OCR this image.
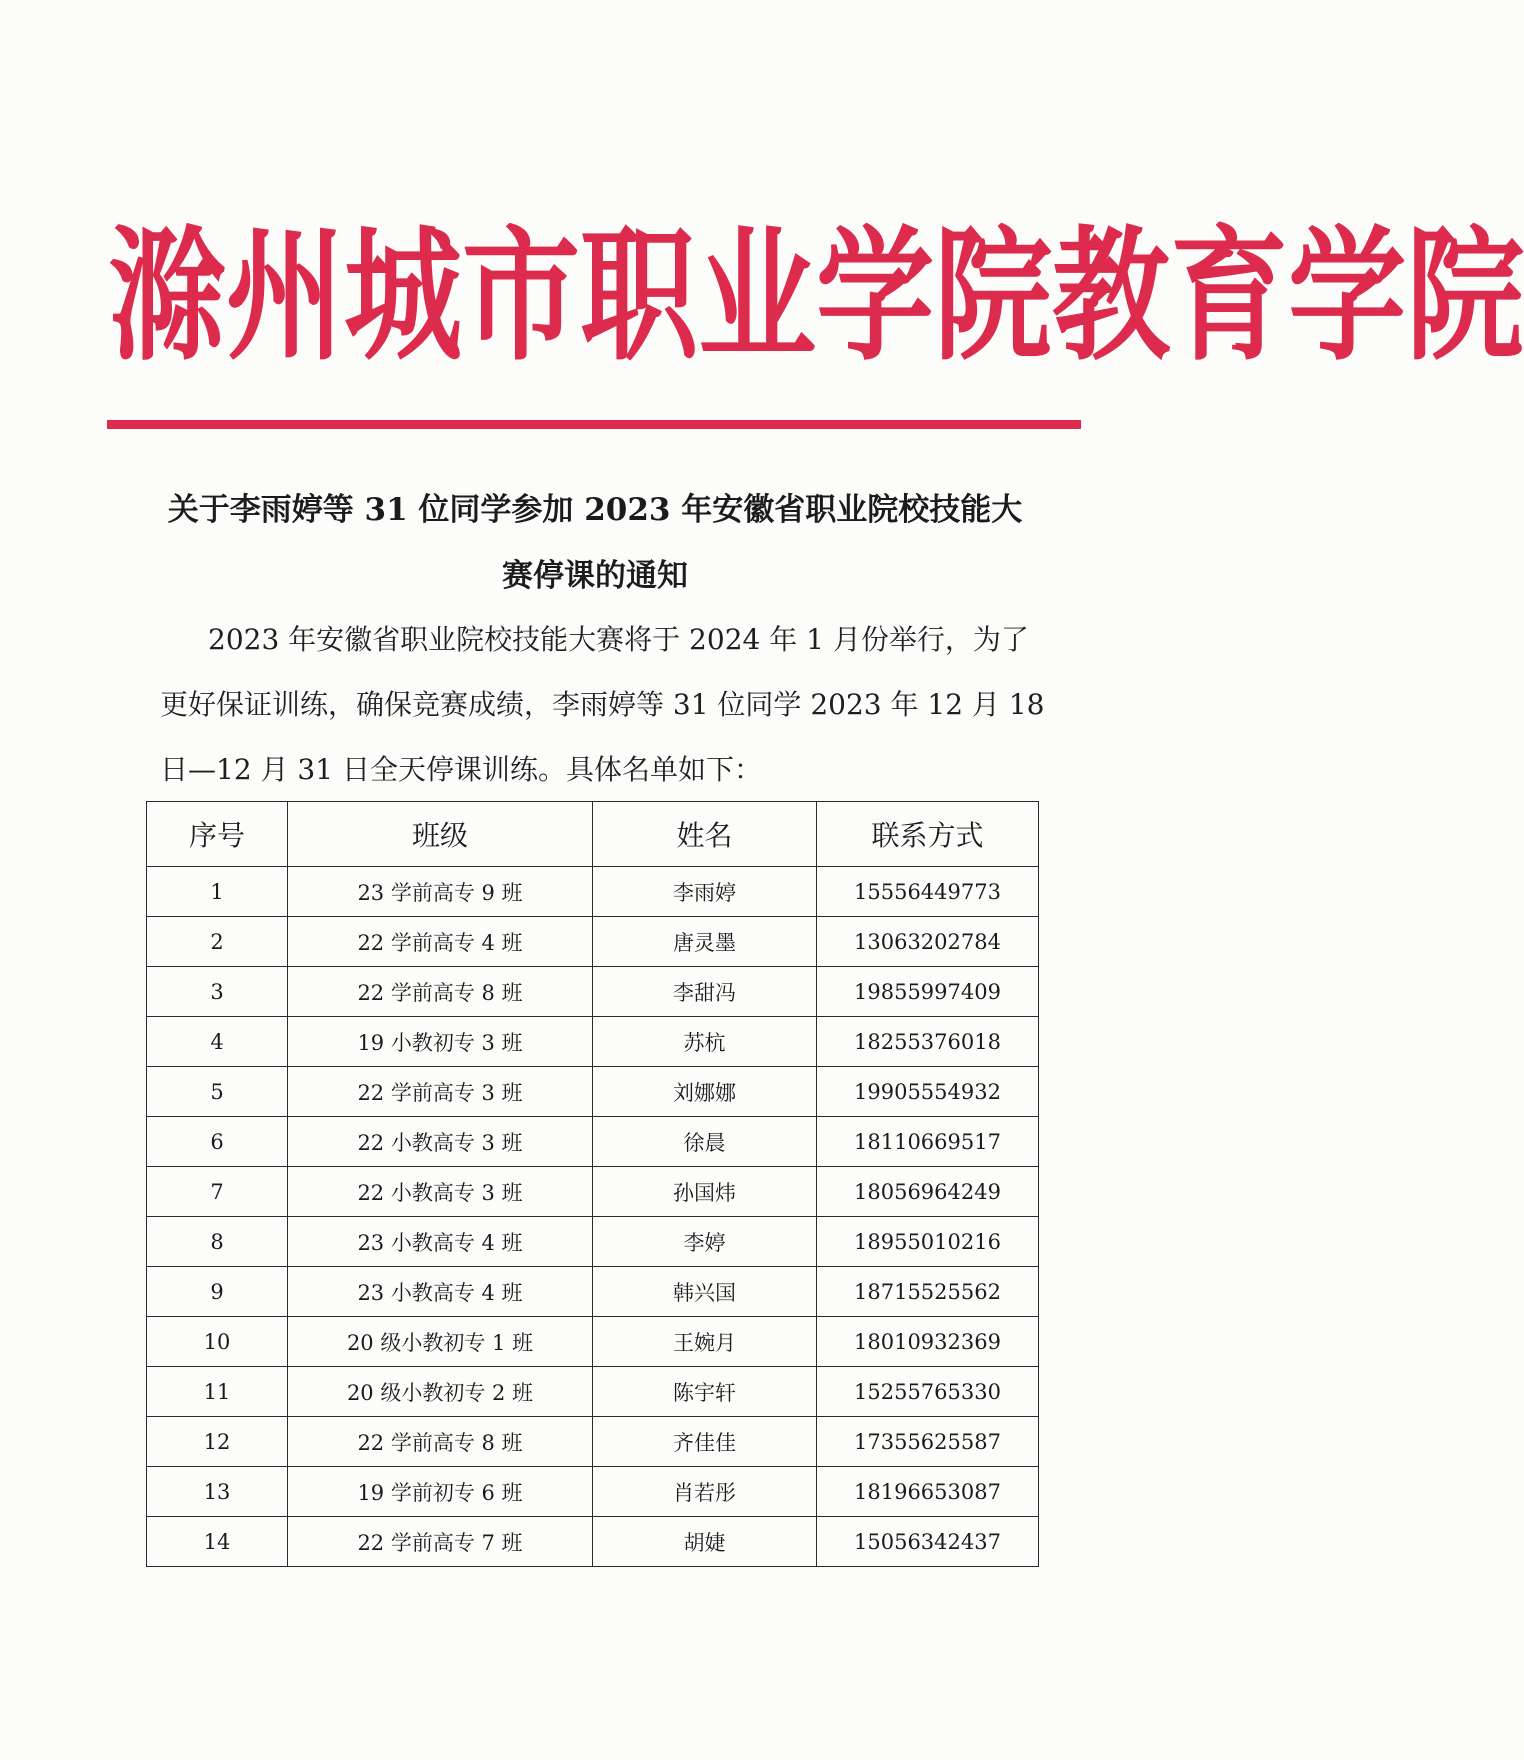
滁 州 城 市 职 业 学 院 教 育 学 院
关于李雨婷等 31 位同学参加 2023 年安徽省职业院校技能大
赛停课的通知
2023 年安徽省职业院校技能大赛将于 2024 年 1 月份举行，为了
更好保证训练，确保竞赛成绩，李雨婷等 31 位同学 2023 年 12 月 18
日—12 月 31 日全天停课训练。具体名单如下：
序号	班级	姓名	联系方式
1	23 学前高专 9 班	李雨婷	15556449773
2	22 学前高专 4 班	唐灵墨	13063202784
3	22 学前高专 8 班	李甜冯	19855997409
4	19 小教初专 3 班	苏杭	18255376018
5	22 学前高专 3 班	刘娜娜	19905554932
6	22 小教高专 3 班	徐晨	18110669517
7	22 小教高专 3 班	孙国炜	18056964249
8	23 小教高专 4 班	李婷	18955010216
9	23 小教高专 4 班	韩兴国	18715525562
10	20 级小教初专 1 班	王婉月	18010932369
11	20 级小教初专 2 班	陈宇轩	15255765330
12	22 学前高专 8 班	齐佳佳	17355625587
13	19 学前初专 6 班	肖若彤	18196653087
14	22 学前高专 7 班	胡婕	15056342437
